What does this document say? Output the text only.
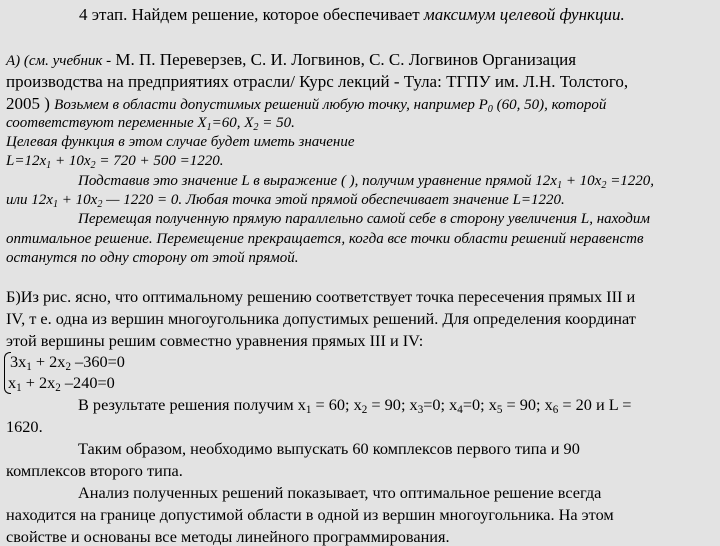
4 этап. Найдем решение, которое обеспечивает максимум целевой функции.
А) (см. учебник - М. П. Переверзев, С. И. Логвинов, С. С. Логвинов Организация
производства на предприятиях отрасли/ Курс лекций - Тула: ТГПУ им. Л.Н. Толстого,
2005 ) Возьмем в области допустимых решений любую точку, например $P_0$ (60, 50), которой
соответствуют переменные $X_1=60$, $X_2 = 50$.
Целевая функция в этом случае будет иметь значение
$L=12x_1 + 10x_2 = 720 + 500 =1220$.
Подставив это значение L в выражение ( ), получим уравнение прямой $12x_1 + 10x_2 =1220$,
или $12x_1 + 10x_2$ — 1220 = 0. Любая точка этой прямой обеспечивает значение L=1220.
Перемещая полученную прямую параллельно самой себе в сторону увеличения L, находим
оптимальное решение. Перемещение прекращается, когда все точки области решений неравенств
останутся по одну сторону от этой прямой.
Б)Из рис. ясно, что оптимальному решению соответствует точка пересечения прямых III и
IV, т е. одна из вершин многоугольника допустимых решений. Для определения координат
этой вершины решим совместно уравнения прямых III и IV:
$3x_1 + 2x_2$ –360=0
$x_1 + 2x_2$ –240=0
В результате решения получим $x_1 = 60$; $x_2 = 90$; $x_3=0$; $x_4=0$; $x_5 = 90$; $x_6 = 20$ и L =
1620.
Таким образом, необходимо выпускать 60 комплексов первого типа и 90
комплексов второго типа.
Анализ полученных решений показывает, что оптимальное решение всегда
находится на границе допустимой области в одной из вершин многоугольника. На этом
свойстве и основаны все методы линейного программирования.
